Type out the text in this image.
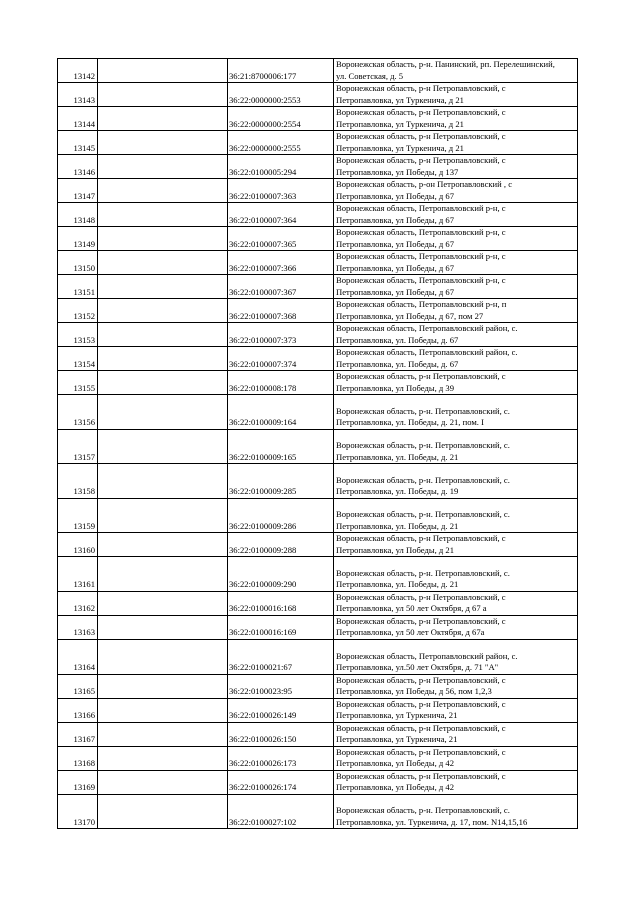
13142		36:21:8700006:177	Воронежская область, р-н. Панинский, рп. Перелешинский,
ул. Советская, д. 5

13143		36:22:0000000:2553	Воронежская область, р-н Петропавловский, с
Петропавловка, ул Туркенича, д 21

13144		36:22:0000000:2554	Воронежская область, р-н Петропавловский, с
Петропавловка, ул Туркенича, д 21

13145		36:22:0000000:2555	Воронежская область, р-н Петропавловский, с
Петропавловка, ул Туркенича, д 21

13146		36:22:0100005:294	Воронежская область, р-н Петропавловский, с
Петропавловка, ул Победы, д 137

13147		36:22:0100007:363	Воронежская область, р-он Петропавловский , с
Петропавловка, ул Победы, д 67

13148		36:22:0100007:364	Воронежская область, Петропавловский р-н, с
Петропавловка, ул Победы, д 67

13149		36:22:0100007:365	Воронежская область, Петропавловский р-н, с
Петропавловка, ул Победы, д 67

13150		36:22:0100007:366	Воронежская область, Петропавловский р-н, с
Петропавловка, ул Победы, д 67

13151		36:22:0100007:367	Воронежская область, Петропавловский р-н, с
Петропавловка, ул Победы, д 67

13152		36:22:0100007:368	Воронежская область, Петропавловский р-н, п
Петропавловка, ул Победы, д 67, пом 27

13153		36:22:0100007:373	Воронежская область, Петропавловский район, с.
Петропавловка, ул. Победы, д. 67

13154		36:22:0100007:374	Воронежская область, Петропавловский район, с.
Петропавловка, ул. Победы, д. 67

13155		36:22:0100008:178	Воронежская область, р-н Петропавловский, с
Петропавловка, ул Победы, д 39

13156		36:22:0100009:164	Воронежская область, р-н. Петропавловский, с.
Петропавловка, ул. Победы, д. 21, пом. I

13157		36:22:0100009:165	Воронежская область, р-н. Петропавловский, с.
Петропавловка, ул. Победы, д. 21

13158		36:22:0100009:285	Воронежская область, р-н. Петропавловский, с.
Петропавловка, ул. Победы, д. 19

13159		36:22:0100009:286	Воронежская область, р-н. Петропавловский, с.
Петропавловка, ул. Победы, д. 21

13160		36:22:0100009:288	Воронежская область, р-н Петропавловский, с
Петропавловка, ул Победы, д 21

13161		36:22:0100009:290	Воронежская область, р-н. Петропавловский, с.
Петропавловка, ул. Победы, д. 21

13162		36:22:0100016:168	Воронежская область, р-н Петропавловский, с
Петропавловка, ул 50 лет Октября, д 67 а

13163		36:22:0100016:169	Воронежская область, р-н Петропавловский, с
Петропавловка, ул 50 лет Октября, д 67а

13164		36:22:0100021:67	Воронежская область, Петропавловский район, с.
Петропавловка, ул.50 лет Октября, д. 71 "А"

13165		36:22:0100023:95	Воронежская область, р-н Петропавловский, с
Петропавловка, ул Победы, д 56, пом 1,2,3

13166		36:22:0100026:149	Воронежская область, р-н Петропавловский, с
Петропавловка, ул Туркенича, 21

13167		36:22:0100026:150	Воронежская область, р-н Петропавловский, с
Петропавловка, ул Туркенича, 21

13168		36:22:0100026:173	Воронежская область, р-н Петропавловский, с
Петропавловка, ул Победы, д 42

13169		36:22:0100026:174	Воронежская область, р-н Петропавловский, с
Петропавловка, ул Победы, д 42

13170		36:22:0100027:102	Воронежская область, р-н. Петропавловский, с.
Петропавловка, ул. Туркенича, д. 17, пом. N14,15,16
